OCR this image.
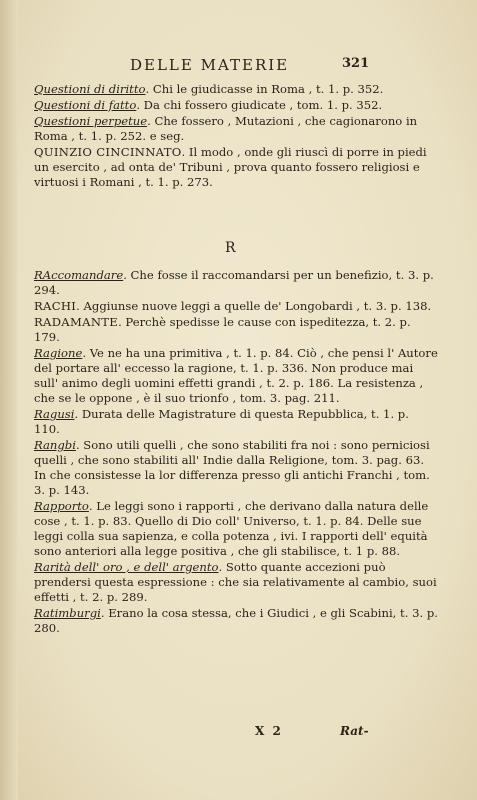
DELLE MATERIE	321
Questioni di diritto. Chi le giudicasse in Roma , t. 1. p. 352.
Questioni di fatto. Da chi fossero giudicate , tom. 1. p. 352.
Questioni perpetue. Che fossero , Mutazioni , che cagionarono in Roma , t. 1. p. 252. e seg.
QUINZIO CINCINNATO. Il modo , onde gli riuscì di porre in piedi un esercito , ad onta de' Tribuni , prova quanto fossero religiosi e virtuosi i Romani , t. 1. p. 273.
R
RAccomandare. Che fosse il raccomandarsi per un benefizio, t. 3. p. 294.
RACHI. Aggiunse nuove leggi a quelle de' Longobardi , t. 3. p. 138.
RADAMANTE. Perchè spedisse le cause con ispeditezza, t. 2. p. 179.
Ragione. Ve ne ha una primitiva , t. 1. p. 84. Ciò , che pensi l' Autore del portare all' eccesso la ragione, t. 1. p. 336. Non produce mai sull' animo degli uomini effetti grandi , t. 2. p. 186. La resistenza , che se le oppone , è il suo trionfo , tom. 3. pag. 211.
Ragusi. Durata delle Magistrature di questa Repubblica, t. 1. p. 110.
Rangbi. Sono utili quelli , che sono stabiliti fra noi : sono perniciosi quelli , che sono stabiliti all' Indie dalla Religione, tom. 3. pag. 63. In che consistesse la lor differenza presso gli antichi Franchi , tom. 3. p. 143.
Rapporto. Le leggi sono i rapporti , che derivano dalla natura delle cose , t. 1. p. 83. Quello di Dio coll' Universo, t. 1. p. 84. Delle sue leggi colla sua sapienza, e colla potenza , ivi. I rapporti dell' equità sono anteriori alla legge positiva , che gli stabilisce, t. 1 p. 88.
Rarità dell' oro , e dell' argento. Sotto quante accezioni può prendersi questa espressione : che sia relativamente al cambio, suoi effetti , t. 2. p. 289.
Ratimburgi. Erano la cosa stessa, che i Giudici , e gli Scabini, t. 3. p. 280.
X 2	Rat-
